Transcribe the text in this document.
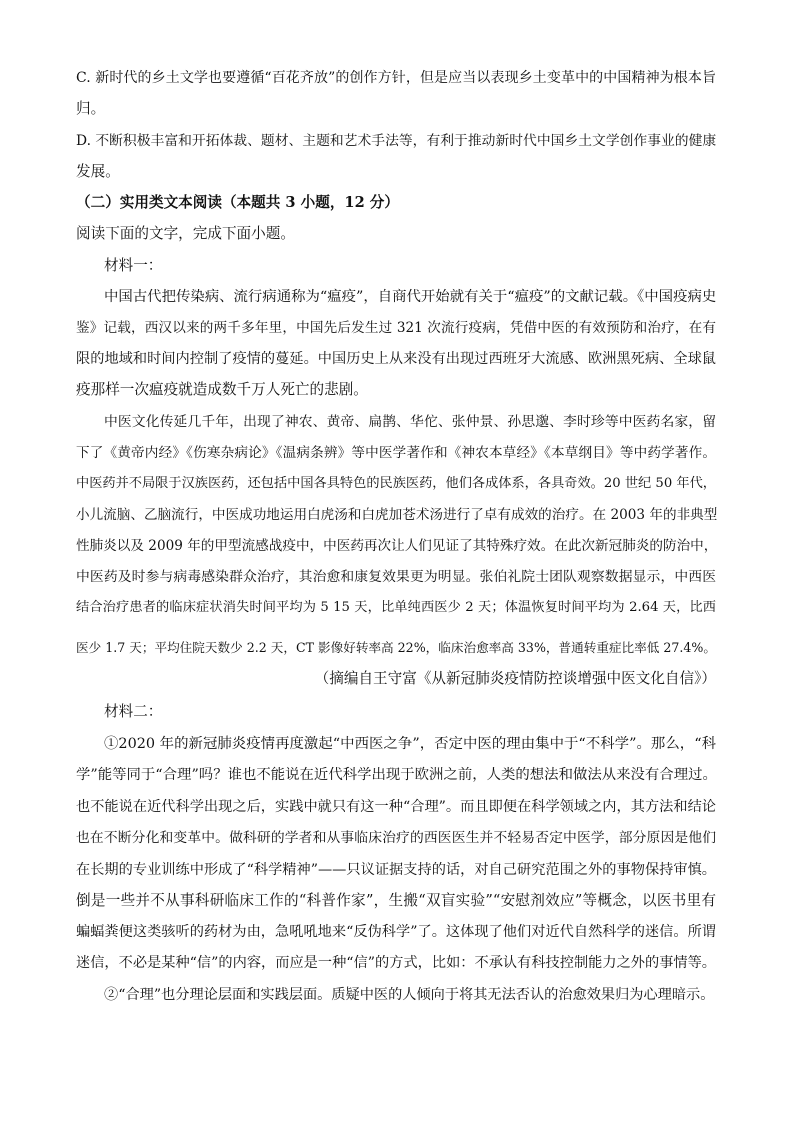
C. 新时代的乡土文学也要遵循“百花齐放”的创作方针，但是应当以表现乡土变革中的中国精神为根本旨
归。
D. 不断积极丰富和开拓体裁、题材、主题和艺术手法等，有利于推动新时代中国乡土文学创作事业的健康
发展。
（二）实用类文本阅读（本题共 3 小题，12 分）
阅读下面的文字，完成下面小题。
材料一：
中国古代把传染病、流行病通称为“瘟疫”，自商代开始就有关于“瘟疫”的文献记载。《中国疫病史
鉴》记载，西汉以来的两千多年里，中国先后发生过 321 次流行疫病，凭借中医的有效预防和治疗，在有
限的地域和时间内控制了疫情的蔓延。中国历史上从来没有出现过西班牙大流感、欧洲黑死病、全球鼠
疫那样一次瘟疫就造成数千万人死亡的悲剧。
中医文化传延几千年，出现了神农、黄帝、扁鹊、华佗、张仲景、孙思邈、李时珍等中医药名家，留
下了《黄帝内经》《伤寒杂病论》《温病条辨》等中医学著作和《神农本草经》《本草纲目》等中药学著作。
中医药并不局限于汉族医药，还包括中国各具特色的民族医药，他们各成体系，各具奇效。20 世纪 50 年代，
小儿流脑、乙脑流行，中医成功地运用白虎汤和白虎加苍术汤进行了卓有成效的治疗。在 2003 年的非典型
性肺炎以及 2009 年的甲型流感战疫中，中医药再次让人们见证了其特殊疗效。在此次新冠肺炎的防治中，
中医药及时参与病毒感染群众治疗，其治愈和康复效果更为明显。张伯礼院士团队观察数据显示，中西医
结合治疗患者的临床症状消失时间平均为 5 15 天，比单纯西医少 2 天；体温恢复时间平均为 2.64 天，比西
医少 1.7 天；平均住院天数少 2.2 天，CT 影像好转率高 22%，临床治愈率高 33%，普通转重症比率低 27.4%。
（摘编自王守富《从新冠肺炎疫情防控谈增强中医文化自信》）
材料二：
①2020 年的新冠肺炎疫情再度激起“中西医之争”，否定中医的理由集中于“不科学”。那么，“科
学”能等同于“合理”吗？谁也不能说在近代科学出现于欧洲之前，人类的想法和做法从来没有合理过。
也不能说在近代科学出现之后，实践中就只有这一种“合理”。而且即便在科学领域之内，其方法和结论
也在不断分化和变革中。做科研的学者和从事临床治疗的西医医生并不轻易否定中医学，部分原因是他们
在长期的专业训练中形成了“科学精神”——只议证据支持的话，对自己研究范围之外的事物保持审慎。
倒是一些并不从事科研临床工作的“科普作家”，生搬“双盲实验”“安慰剂效应”等概念，以医书里有
蝙蝠粪便这类骇听的药材为由，急吼吼地来“反伪科学”了。这体现了他们对近代自然科学的迷信。所谓
迷信，不必是某种“信”的内容，而应是一种“信”的方式，比如：不承认有科技控制能力之外的事情等。
②“合理”也分理论层面和实践层面。质疑中医的人倾向于将其无法否认的治愈效果归为心理暗示。
